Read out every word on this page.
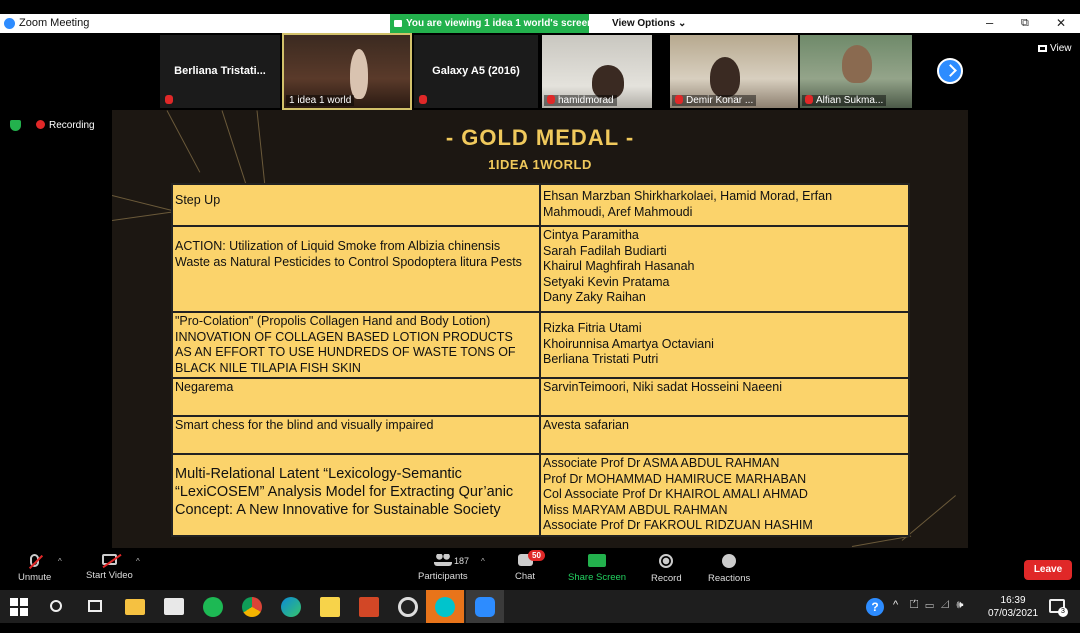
Zoom Meeting	You are viewing 1 idea 1 world's screen	View Options ⌄	–	⧉ ✕
Berliana Tristati...
1 idea 1 world
Galaxy A5 (2016)
hamidmorad	Demir Konar ...	Alfian Sukma...
View
Recording	- GOLD MEDAL -
1IDEA 1WORLD
Step Up	Ehsan Marzban Shirkharkolaei, Hamid Morad, Erfan
Mahmoudi, Aref Mahmoudi

ACTION: Utilization of Liquid Smoke from Albizia chinensis
Waste as Natural Pesticides to Control Spodoptera litura Pests	Cintya Paramitha
Sarah Fadilah Budiarti
Khairul Maghfirah Hasanah
Setyaki Kevin Pratama
Dany Zaky Raihan

"Pro-Colation" (Propolis Collagen Hand and Body Lotion)
INNOVATION OF COLLAGEN BASED LOTION PRODUCTS
AS AN EFFORT TO USE HUNDREDS OF WASTE TONS OF
BLACK NILE TILAPIA FISH SKIN	Rizka Fitria Utami
Khoirunnisa Amartya Octaviani
Berliana Tristati Putri

Negarema	SarvinTeimoori, Niki sadat Hosseini Naeeni

Smart chess for the blind and visually impaired	Avesta safarian

Multi-Relational Latent “Lexicology-Semantic
“LexiCOSEM” Analysis Model for Extracting Qur’anic
Concept: A New Innovative for Sustainable Society	Associate Prof Dr ASMA ABDUL RAHMAN
Prof Dr MOHAMMAD HAMIRUCE MARHABAN
Col Associate Prof Dr KHAIROL AMALI AHMAD
Miss MARYAM ABDUL RAHMAN
Associate Prof Dr FAKROUL RIDZUAN HASHIM
Unmute
^
Start Video
^
Participants
187 ^
Chat
50
Share Screen	Record	Reactions
Leave
?	^ ⏍ ▭ ◿ 🕪	16:39
07/03/2021	3
